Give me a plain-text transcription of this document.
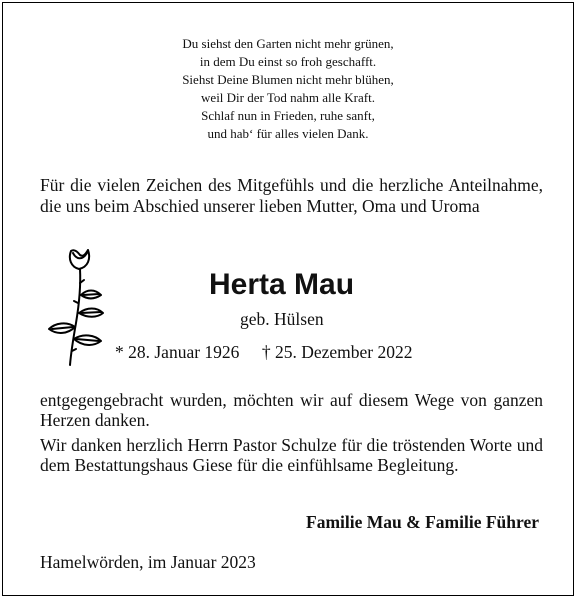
Du siehst den Garten nicht mehr grünen,
in dem Du einst so froh geschafft.
Siehst Deine Blumen nicht mehr blühen,
weil Dir der Tod nahm alle Kraft.
Schlaf nun in Frieden, ruhe sanft,
und hab‘ für alles vielen Dank.
Für die vielen Zeichen des Mitgefühls und die herzliche Anteilnahme, die uns beim Abschied unserer lieben Mutter, Oma und Uroma
Herta Mau
geb. Hülsen
* 28. Januar 1926 † 25. Dezember 2022
entgegengebracht wurden, möchten wir auf diesem Wege von ganzen Herzen danken.
Wir danken herzlich Herrn Pastor Schulze für die tröstenden Worte und dem Bestattungshaus Giese für die einfühlsame Begleitung.
Familie Mau & Familie Führer
Hamelwörden, im Januar 2023
